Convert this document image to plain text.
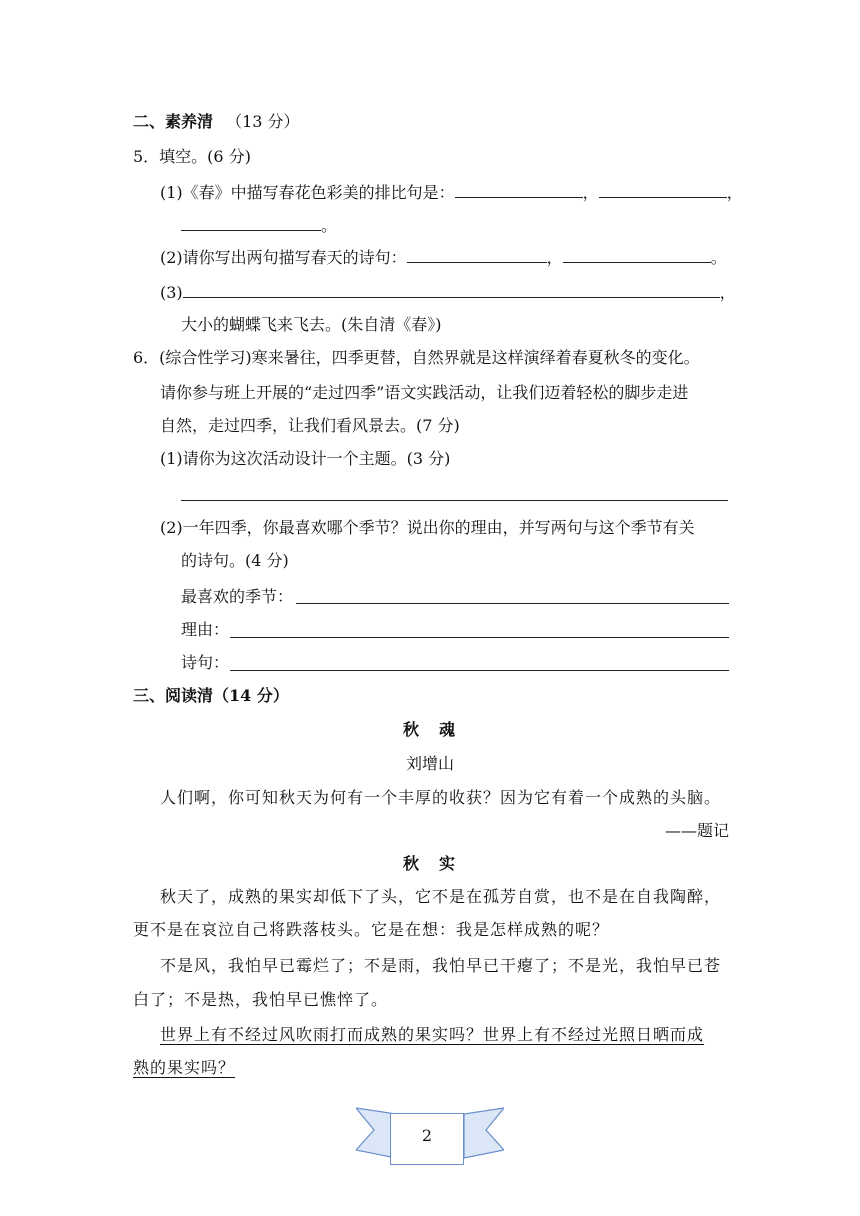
二、素养清 （13 分）
5．填空。(6 分)
(1)《春》中描写春花色彩美的排比句是：	，	，
。
(2)请你写出两句描写春天的诗句：	，	。
(3)	，
大小的蝴蝶飞来飞去。(朱自清《春》)
6．(综合性学习)寒来暑往，四季更替，自然界就是这样演绎着春夏秋冬的变化。
请你参与班上开展的“走过四季”语文实践活动，让我们迈着轻松的脚步走进
自然，走过四季，让我们看风景去。(7 分)
(1)请你为这次活动设计一个主题。(3 分)
(2)一年四季，你最喜欢哪个季节？说出你的理由，并写两句与这个季节有关
的诗句。(4 分)
最喜欢的季节：
理由：
诗句：
三、阅读清（14 分）
秋　魂
刘增山
人们啊，你可知秋天为何有一个丰厚的收获？因为它有着一个成熟的头脑。
——题记
秋　实
秋天了，成熟的果实却低下了头，它不是在孤芳自赏，也不是在自我陶醉，
更不是在哀泣自己将跌落枝头。它是在想：我是怎样成熟的呢？
不是风，我怕早已霉烂了；不是雨，我怕早已干瘪了；不是光，我怕早已苍
白了；不是热，我怕早已憔悴了。
世界上有不经过风吹雨打而成熟的果实吗？世界上有不经过光照日晒而成
熟的果实吗？
2
